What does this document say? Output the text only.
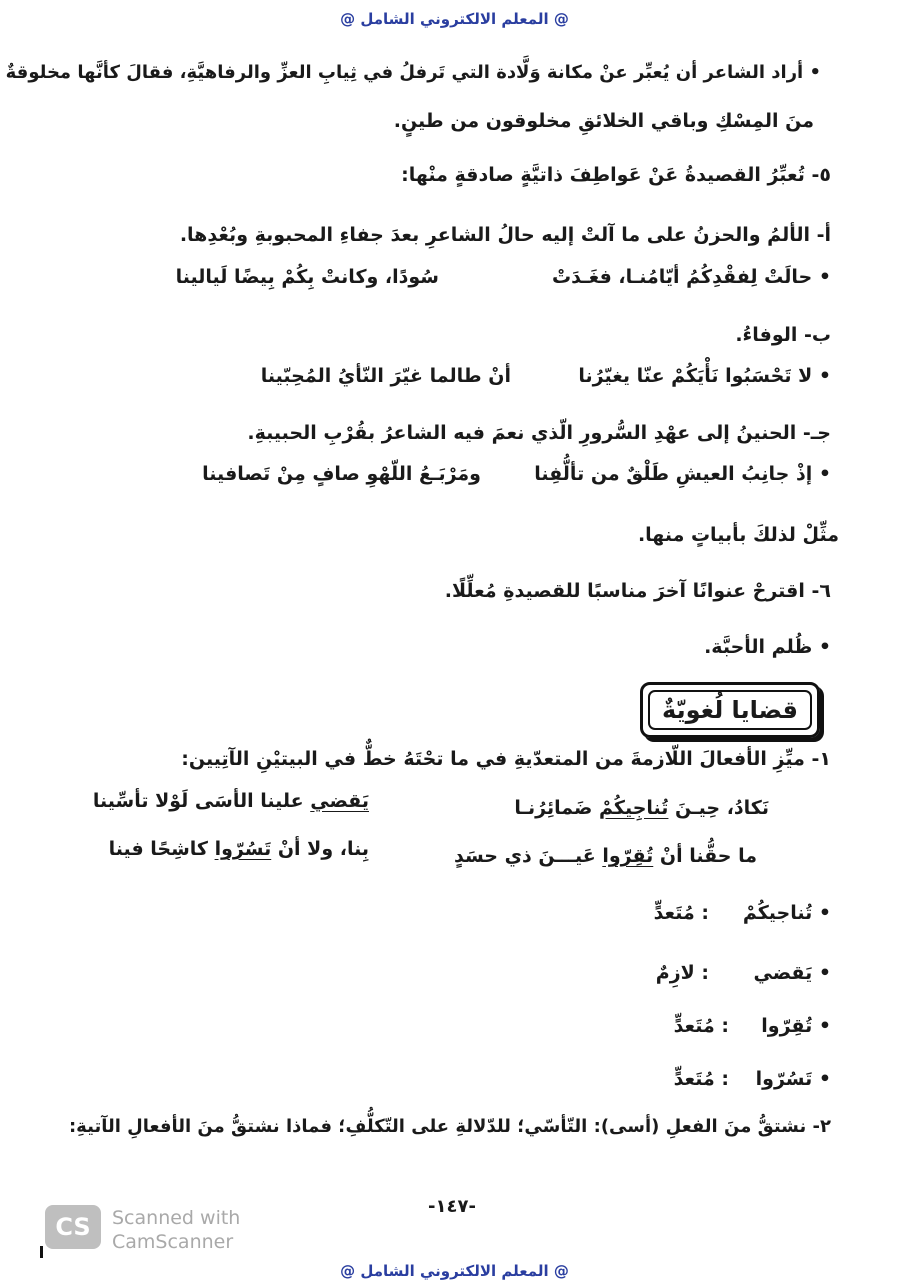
@ المعلم الالكتروني الشامل @
• أراد الشاعر أن يُعبِّر عنْ مكانة وَلَّادة التي تَرفلُ في ثِيابِ العزِّ والرفاهيَّةِ، فقالَ كأنَّها مخلوقةٌ
منَ المِسْكِ وباقي الخلائقِ مخلوقون من طينٍ.
٥- تُعبِّرُ القصيدةُ عَنْ عَواطِفَ ذاتيَّةٍ صادقةٍ منْها:
أ- الألمُ والحزنُ على ما آلتْ إليه حالُ الشاعرِ بعدَ جفاءِ المحبوبةِ وبُعْدِها.
• حالَتْ لِفقْدِكُمُ أيّامُنـا، فغَـدَتْ
سُودًا، وكانتْ بِكُمْ بِيضًا لَيالينا
ب- الوفاءُ.
• لا تَحْسَبُوا نَأْيَكُمْ عنّا يغيّرُنا
أنْ طالما غيّرَ النّأيُ المُحِبّينا
جـ- الحنينُ إلى عهْدِ السُّرورِ الّذي نعمَ فيه الشاعرُ بقُرْبِ الحبيبةِ.
• إذْ جانِبُ العيشِ طَلْقٌ من تألُّفِنا
ومَرْبَـعُ اللّهْوِ صافٍ مِنْ تَصافينا
مثِّلْ لذلكَ بأبياتٍ منها.
٦- اقترحْ عنوانًا آخرَ مناسبًا للقصيدةِ مُعلِّلًا.
• ظُلم الأحبَّة.
قضايا لُغويّةٌ
١- ميِّزِ الأفعالَ اللّازمةَ من المتعدّيةِ في ما تحْتَهُ خطٌّ في البيتيْنِ الآتِيين:
نَكادُ، حِيـنَ تُناجِيكُمْ ضَمائِرُنـا
يَقضي علينا الأسَى لَوْلا تأسِّينا
ما حقُّنا أنْ تُقِرّوا عَيـــنَ ذي حسَدٍ
بِنا، ولا أنْ تَسُرّوا كاشِحًا فينا
• تُناجيكُمْ
: مُتَعدٍّ
• يَقضي
: لازِمٌ
• تُقِرّوا
: مُتَعدٍّ
• تَسُرّوا
: مُتَعدٍّ
٢- نشتقُّ منَ الفعلِ (أسى): التّأسّي؛ للدّلالةِ على التّكلُّفِ؛ فماذا نشتقُّ منَ الأفعالِ الآتيةِ:
-١٤٧-
CS	Scanned with
CamScanner
@ المعلم الالكتروني الشامل @
